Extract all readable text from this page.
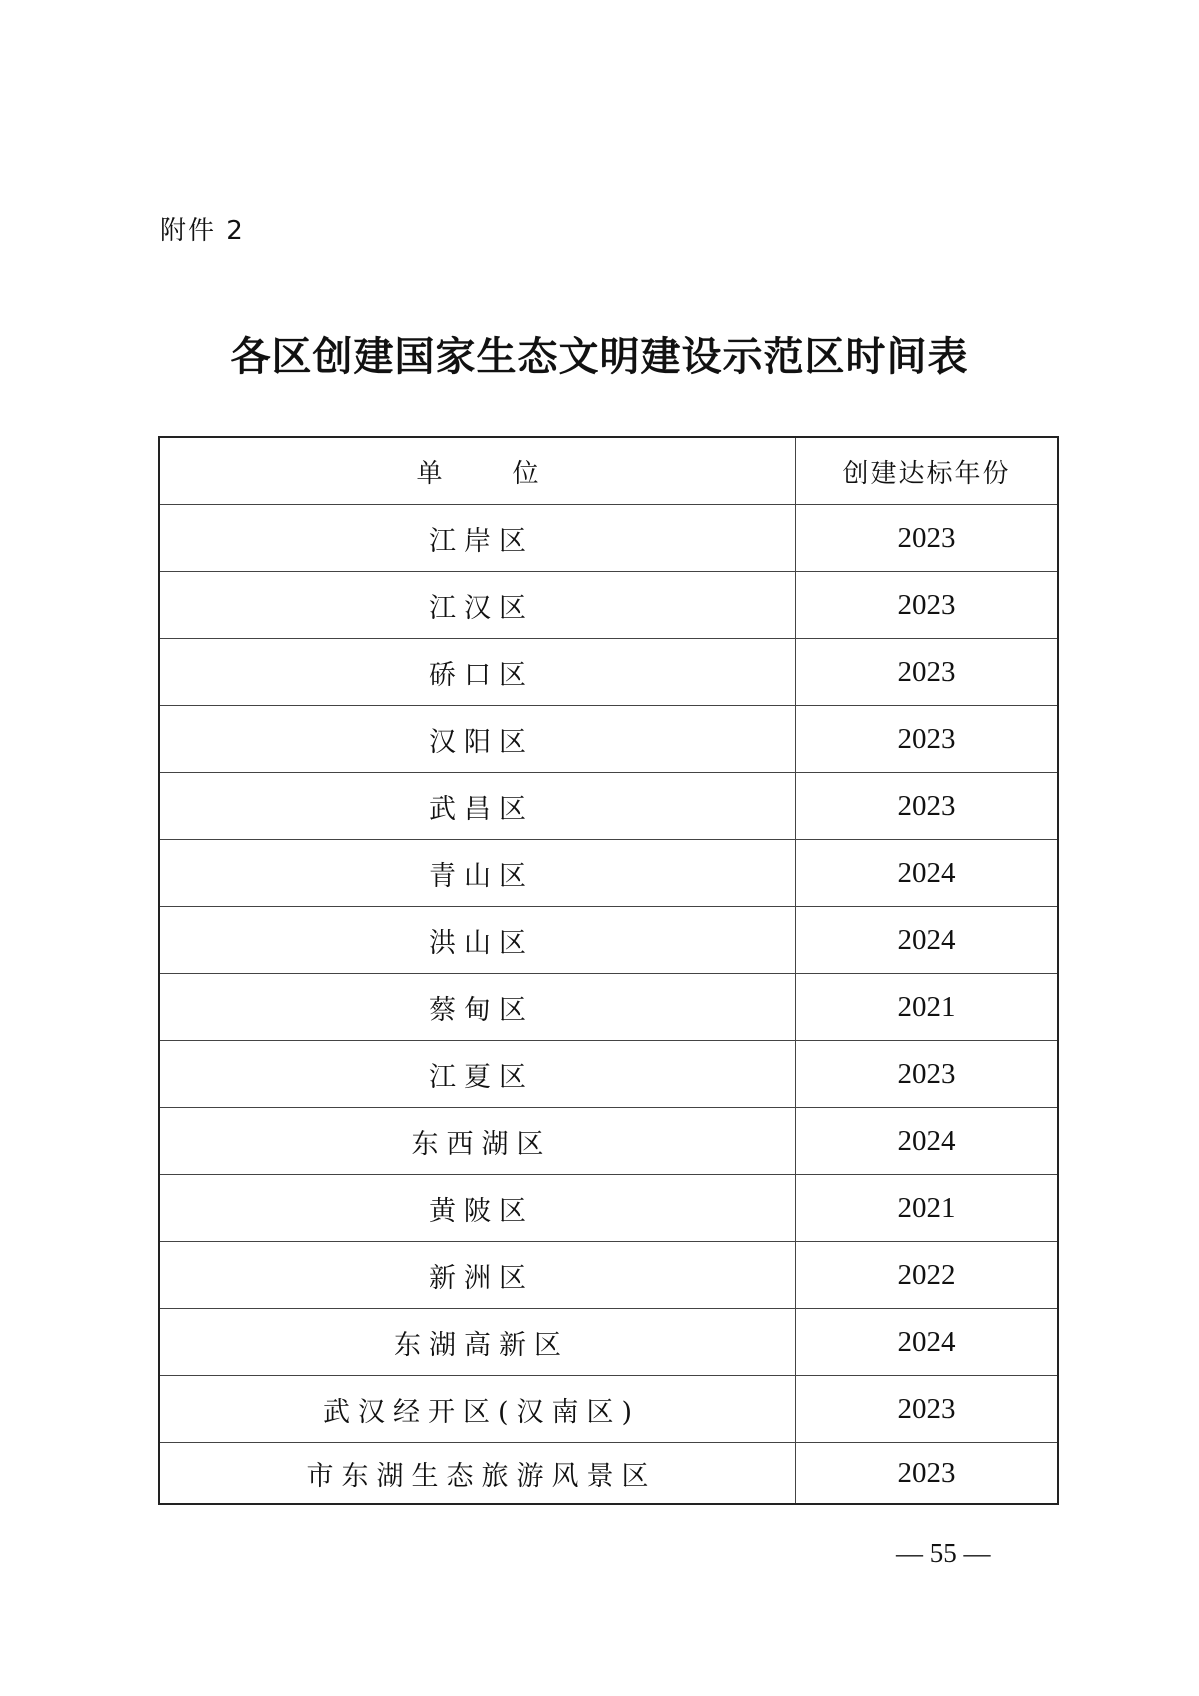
附件 2
各区创建国家生态文明建设示范区时间表
单位	创建达标年份
江岸区	2023
江汉区	2023
硚口区	2023
汉阳区	2023
武昌区	2023
青山区	2024
洪山区	2024
蔡甸区	2021
江夏区	2023
东西湖区	2024
黄陂区	2021
新洲区	2022
东湖高新区	2024
武汉经开区(汉南区)	2023
市东湖生态旅游风景区	2023
— 55 —
